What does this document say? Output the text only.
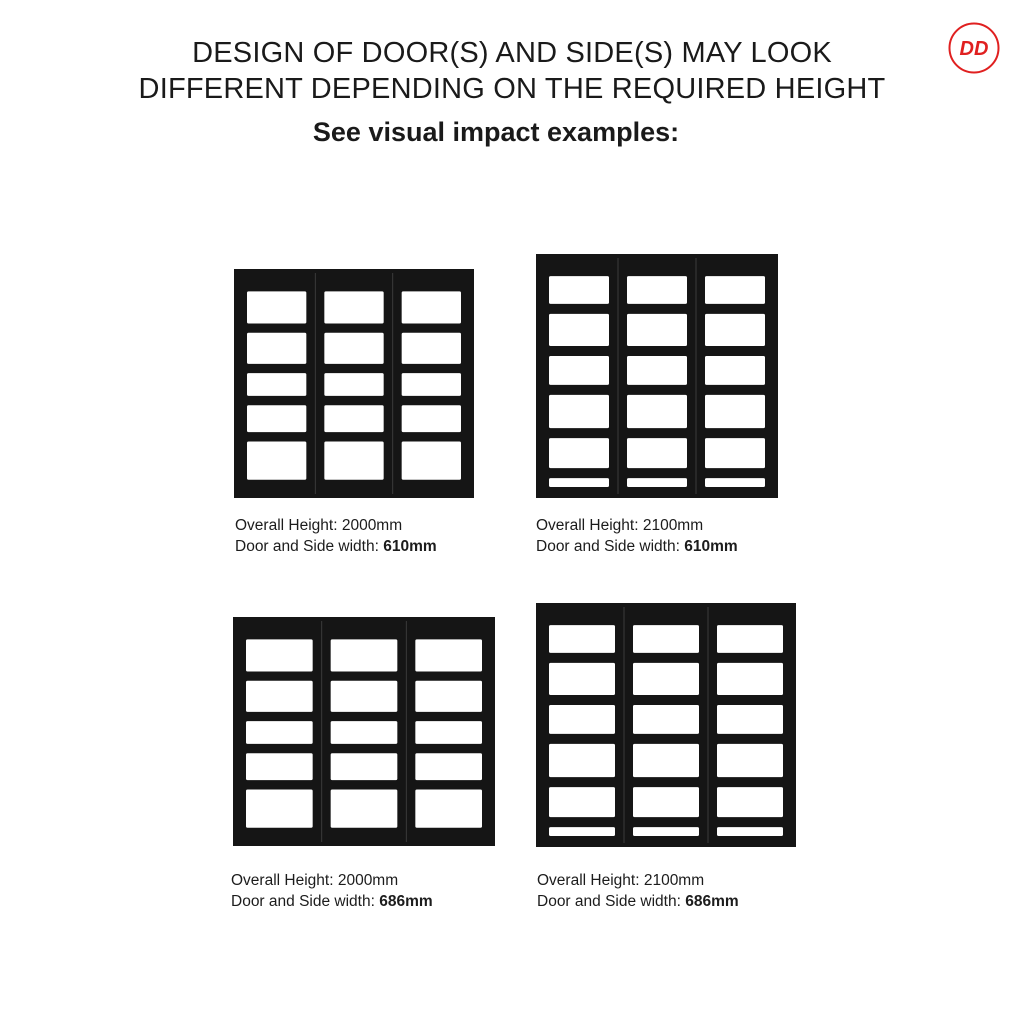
DESIGN OF DOOR(S) AND SIDE(S) MAY LOOK
DIFFERENT DEPENDING ON THE REQUIRED HEIGHT
See visual impact examples:
DD
Overall Height: 2000mm
Door and Side width: 610mm
Overall Height: 2100mm
Door and Side width: 610mm
Overall Height: 2000mm
Door and Side width: 686mm
Overall Height: 2100mm
Door and Side width: 686mm
